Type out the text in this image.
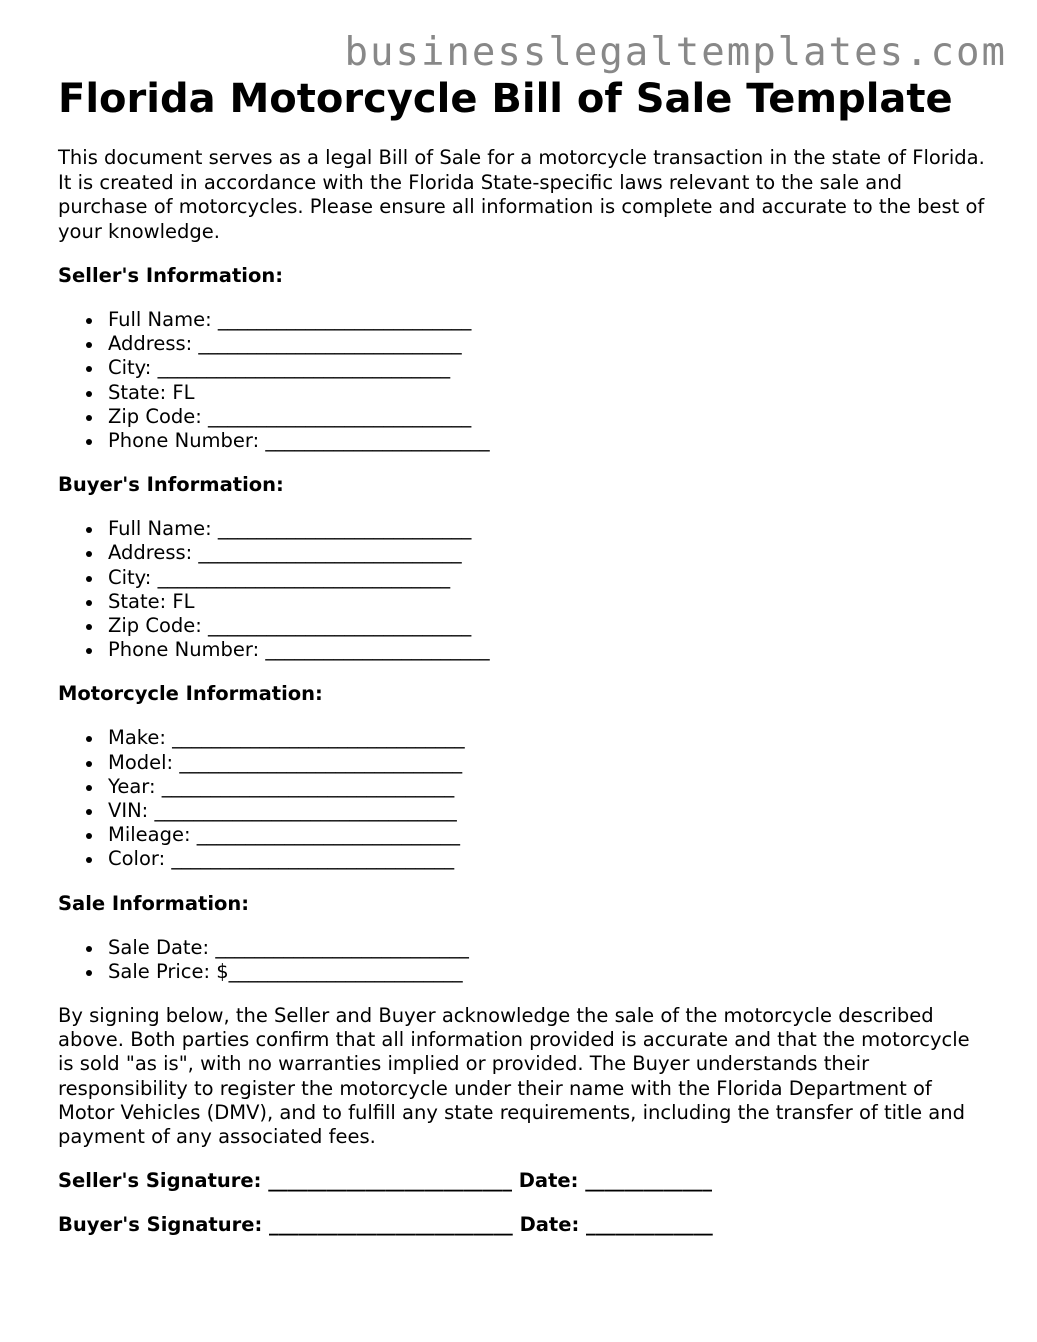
businesslegaltemplates.com
Florida Motorcycle Bill of Sale Template

This document serves as a legal Bill of Sale for a motorcycle transaction in the state of Florida. It is created in accordance with the Florida State-specific laws relevant to the sale and purchase of motorcycles. Please ensure all information is complete and accurate to the best of your knowledge.

Seller's Information:
Full Name: __________________________
Address: ___________________________
City: ______________________________
State: FL
Zip Code: ___________________________
Phone Number: _______________________
Buyer's Information:
Full Name: __________________________
Address: ___________________________
City: ______________________________
State: FL
Zip Code: ___________________________
Phone Number: _______________________
Motorcycle Information:
Make: ______________________________
Model: _____________________________
Year: ______________________________
VIN: _______________________________
Mileage: ___________________________
Color: _____________________________
Sale Information:
Sale Date: __________________________
Sale Price: $________________________

By signing below, the Seller and Buyer acknowledge the sale of the motorcycle described above. Both parties confirm that all information provided is accurate and that the motorcycle is sold "as is", with no warranties implied or provided. The Buyer understands their responsibility to register the motorcycle under their name with the Florida Department of Motor Vehicles (DMV), and to fulfill any state requirements, including the transfer of title and payment of any associated fees.

Seller's Signature: _________________________ Date: _____________

Buyer's Signature: _________________________ Date: _____________
